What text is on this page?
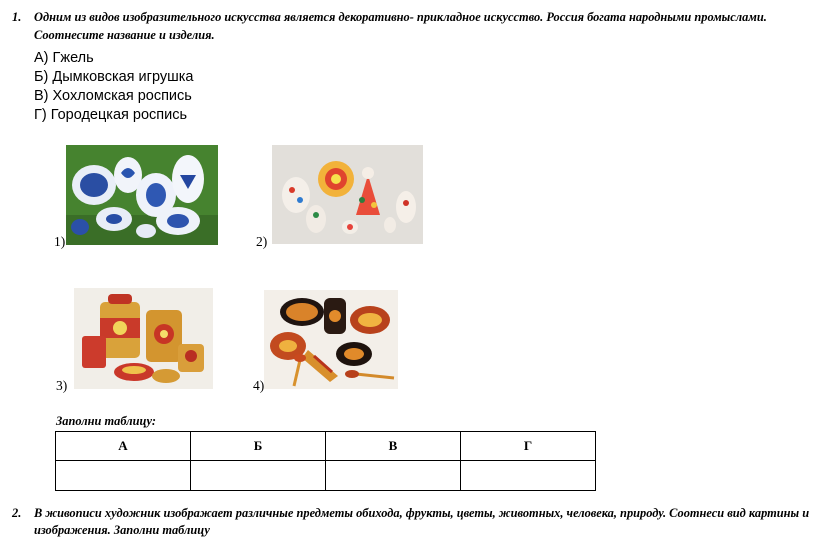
1. Одним из видов изобразительного искусства является декоративно- прикладное искусство. Россия богата народными промыслами.
Соотнесите название и изделия.
А) Гжель
Б) Дымковская игрушка
В) Хохломская роспись
Г) Городецкая роспись
1)	2)
3)	4)
Заполни таблицу:
А	Б	В	Г

2. В живописи художник изображает различные предметы обихода, фрукты, цветы, животных, человека, природу. Соотнеси вид картины и
изображения. Заполни таблицу
